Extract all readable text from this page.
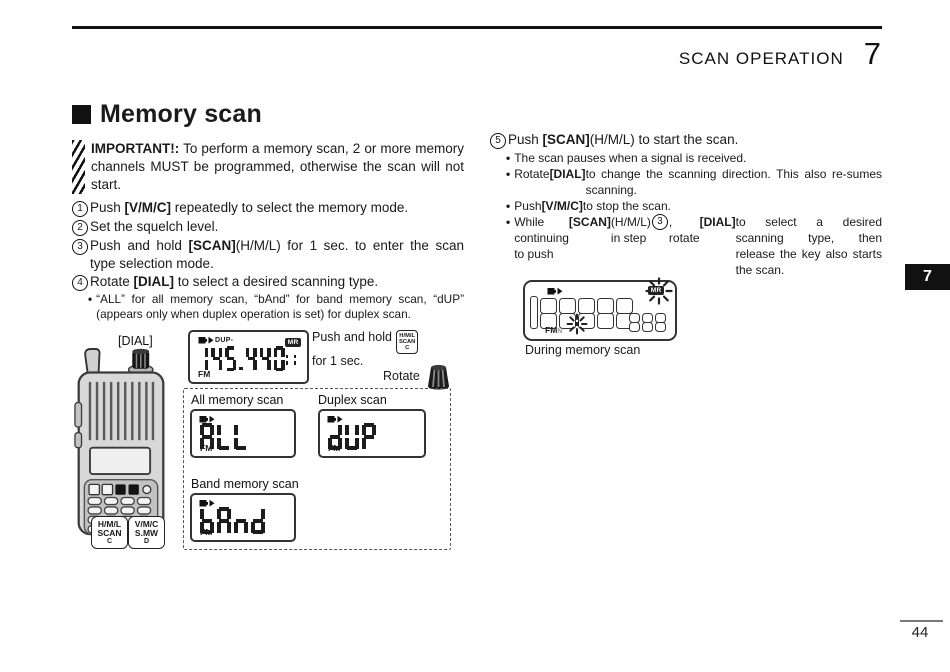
SCAN OPERATION 7
7
44
Memory scan
IMPORTANT!: To perform a memory scan, 2 or more memory channels MUST be programmed, otherwise the scan will not start.
1 Push [V/M/C] repeatedly to select the memory mode.
2 Set the squelch level.
3 Push and hold [SCAN](H/M/L) for 1 sec. to enter the scan type selection mode.
4 Rotate [DIAL] to select a desired scanning type.
• “ALL” for all memory scan, “bAnd” for band memory scan, “dUP” (appears only when duplex operation is set) for duplex scan.
5 Push [SCAN](H/M/L) to start the scan.
• The scan pauses when a signal is received.
• Rotate [DIAL] to change the scanning direction. This also re-sumes scanning.
• Push [V/M/C] to stop the scan.
• While continuing to push
[SCAN] (H/M/L) in step
3 , rotate
[DIAL] to select a desired scanning type, then release the key also starts the scan.
[DIAL]
H/M/L
SCAN
C
V/M/C
S.MW
D
DUP-	MR
FM
Push and hold H/M/L
SCAN
C
for 1 sec.
Rotate
All memory scan
FM
Duplex scan
FM
Band memory scan
FM
MR
FMN
During memory scan
